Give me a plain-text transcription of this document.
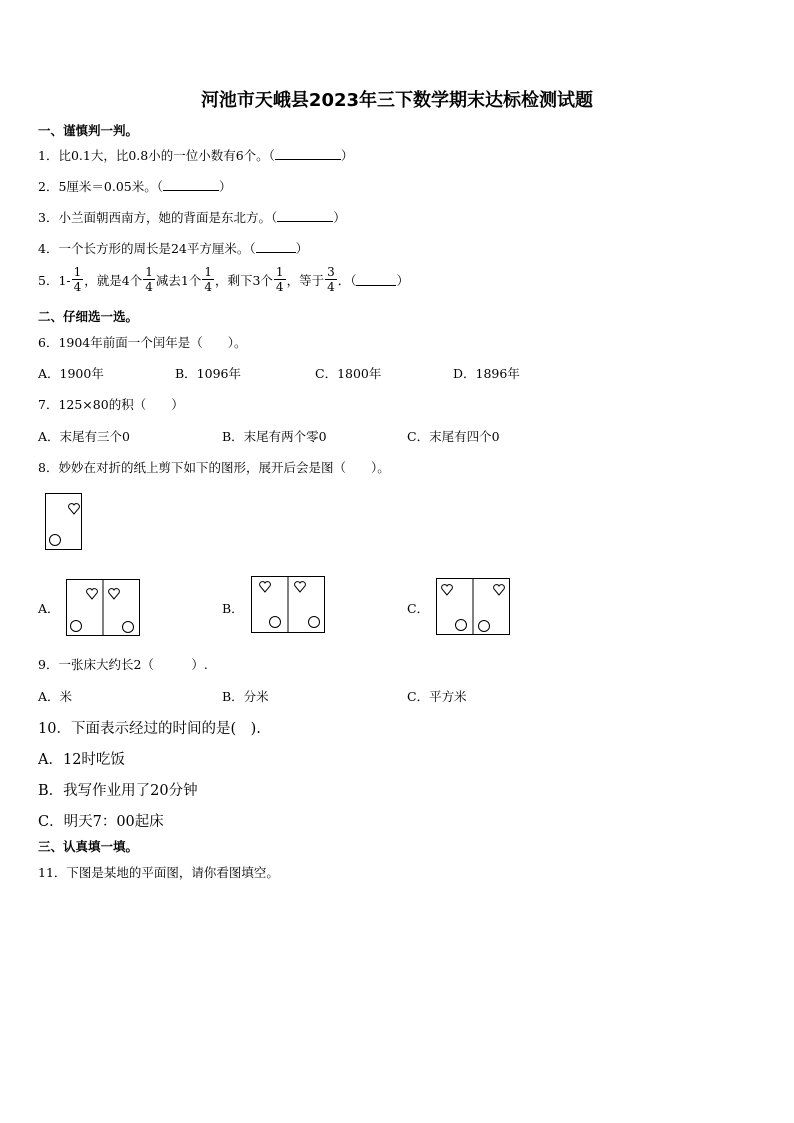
河池市天峨县2023年三下数学期末达标检测试题
一、谨慎判一判。
1．比0.1大，比0.8小的一位小数有6个。（	）
2．5厘米＝0.05米。（	）
3．小兰面朝西南方，她的背面是东北方。（	）
4．一个长方形的周长是24平方厘米。（	）
5．$1- \frac{1}{4}$ ，就是4个 $\frac{1}{4}$ 减去1个 $\frac{1}{4}$ ，剩下3个 $\frac{1}{4}$ ，等于 $\frac{3}{4}$ ．（	）
二、仔细选一选。
6．1904年前面一个闰年是（　　）。
A．1900年	B．1096年	C．1800年	D．1896年
7．125×80的积（　　）
A．末尾有三个0	B．末尾有两个零0	C．末尾有四个0
8．妙妙在对折的纸上剪下如下的图形，展开后会是图（　　）。
A．	B．	C．
9．一张床大约长2（　　　）.
A．米	B．分米	C．平方米
10．下面表示经过的时间的是(　).
A．12时吃饭
B．我写作业用了20分钟
C．明天7：00起床
三、认真填一填。
11．下图是某地的平面图，请你看图填空。
